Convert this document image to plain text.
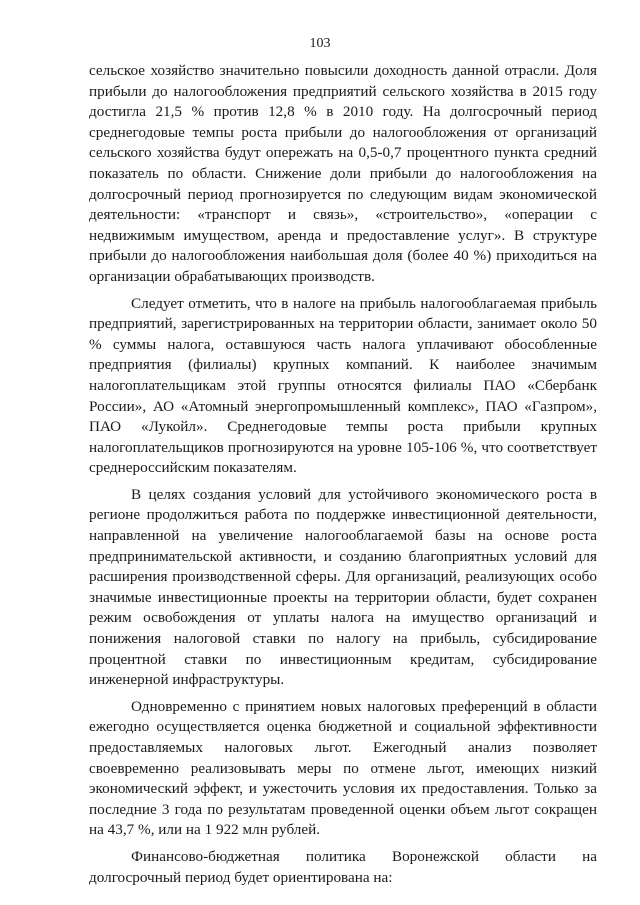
103

сельское хозяйство значительно повысили доходность данной отрасли. Доля прибыли до налогообложения предприятий сельского хозяйства в 2015 году достигла 21,5 % против 12,8 % в 2010 году. На долгосрочный период среднегодовые темпы роста прибыли до налогообложения от организаций сельского хозяйства будут опережать на 0,5-0,7 процентного пункта средний показатель по области. Снижение доли прибыли до налогообложения на долгосрочный период прогнозируется по следующим видам экономической деятельности: «транспорт и связь», «строительство», «операции с недвижимым имуществом, аренда и предоставление услуг». В структуре прибыли до налогообложения наибольшая доля (более 40 %) приходиться на организации обрабатывающих производств.

Следует отметить, что в налоге на прибыль налогооблагаемая прибыль предприятий, зарегистрированных на территории области, занимает около 50 % суммы налога, оставшуюся часть налога уплачивают обособленные предприятия (филиалы) крупных компаний. К наиболее значимым налогоплательщикам этой группы относятся филиалы ПАО «Сбербанк России», АО «Атомный энергопромышленный комплекс», ПАО «Газпром», ПАО «Лукойл». Среднегодовые темпы роста прибыли крупных налогоплательщиков прогнозируются на уровне 105-106 %, что соответствует среднероссийским показателям.

В целях создания условий для устойчивого экономического роста в регионе продолжиться работа по поддержке инвестиционной деятельности, направленной на увеличение налогооблагаемой базы на основе роста предпринимательской активности, и созданию благоприятных условий для расширения производственной сферы. Для организаций, реализующих особо значимые инвестиционные проекты на территории области, будет сохранен режим освобождения от уплаты налога на имущество организаций и понижения налоговой ставки по налогу на прибыль, субсидирование процентной ставки по инвестиционным кредитам, субсидирование инженерной инфраструктуры.

Одновременно с принятием новых налоговых преференций в области ежегодно осуществляется оценка бюджетной и социальной эффективности предоставляемых налоговых льгот. Ежегодный анализ позволяет своевременно реализовывать меры по отмене льгот, имеющих низкий экономический эффект, и ужесточить условия их предоставления. Только за последние 3 года по результатам проведенной оценки объем льгот сокращен на 43,7 %, или на 1 922 млн рублей.

Финансово-бюджетная политика Воронежской области на долгосрочный период будет ориентирована на:
